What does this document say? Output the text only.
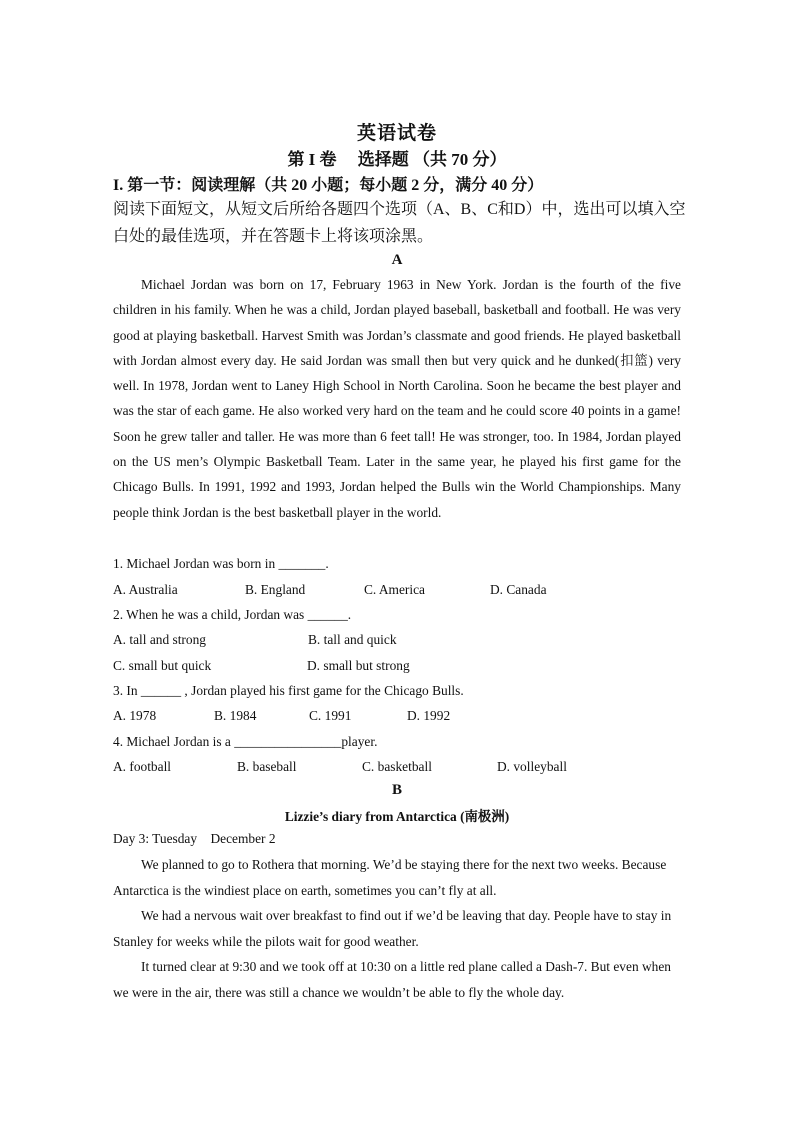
英语试卷
第 I 卷　 选择题 （共 70 分）
I. 第一节：阅读理解（共 20 小题；每小题 2 分，满分 40 分）
阅读下面短文，从短文后所给各题四个选项（A、B、C和D）中，选出可以填入空白处的最佳选项，并在答题卡上将该项涂黑。
A
Michael Jordan was born on 17, February 1963 in New York. Jordan is the fourth of the five children in his family. When he was a child, Jordan played baseball, basketball and football. He was very good at playing basketball. Harvest Smith was Jordan’s classmate and good friends. He played basketball with Jordan almost every day. He said Jordan was small then but very quick and he dunked(扣篮) very well. In 1978, Jordan went to Laney High School in North Carolina. Soon he became the best player and was the star of each game. He also worked very hard on the team and he could score 40 points in a game! Soon he grew taller and taller. He was more than 6 feet tall! He was stronger, too. In 1984, Jordan played on the US men’s Olympic Basketball Team. Later in the same year, he played his first game for the Chicago Bulls. In 1991, 1992 and 1993, Jordan helped the Bulls win the World Championships. Many people think Jordan is the best basketball player in the world.
1. Michael Jordan was born in _______.
A. Australia	B. England	C. America	D. Canada
2. When he was a child, Jordan was ______.
A. tall and strong	B. tall and quick
C. small but quick	D. small but strong
3. In ______ , Jordan played his first game for the Chicago Bulls.
A. 1978	B. 1984	C. 1991	D. 1992
4. Michael Jordan is a ________________player.
A. football	B. baseball	C. basketball	D. volleyball
B
Lizzie’s diary from Antarctica (南极洲)
Day 3: Tuesday    December 2
We planned to go to Rothera that morning. We’d be staying there for the next two weeks. Because Antarctica is the windiest place on earth, sometimes you can’t fly at all.
We had a nervous wait over breakfast to find out if we’d be leaving that day. People have to stay in Stanley for weeks while the pilots wait for good weather.
It turned clear at 9:30 and we took off at 10:30 on a little red plane called a Dash-7. But even when we were in the air, there was still a chance we wouldn’t be able to fly the whole day.
